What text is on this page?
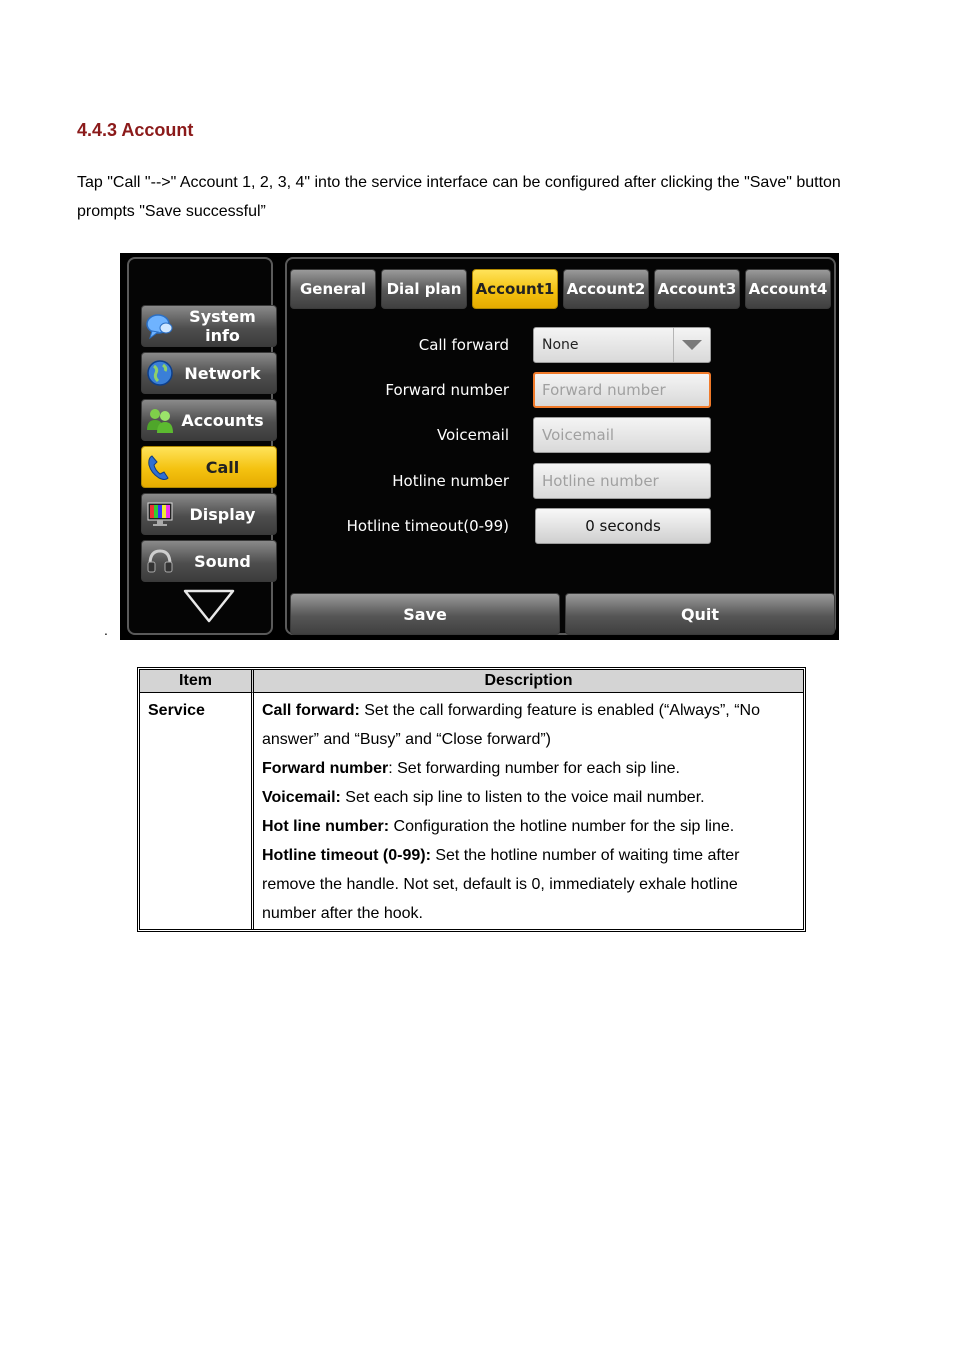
4.4.3 Account
Tap "Call "-->" Account 1, 2, 3, 4" into the service interface can be configured after clicking the "Save" button prompts "Save successful”
.
System info
Network
Accounts
Call
Display
Sound
General	Dial plan Account1 Account2 Account3 Account4
Call forward	None
Forward number	Forward number
Voicemail	Voicemail
Hotline number	Hotline number
Hotline timeout(0-99)	0 seconds
Save	Quit
Item	Description
Service	Call forward: Set the call forwarding feature is enabled (“Always”, “No answer” and “Busy” and “Close forward”)
Forward number: Set forwarding number for each sip line.
Voicemail: Set each sip line to listen to the voice mail number.
Hot line number: Configuration the hotline number for the sip line.
Hotline timeout (0-99): Set the hotline number of waiting time after remove the handle. Not set, default is 0, immediately exhale hotline number after the hook.
